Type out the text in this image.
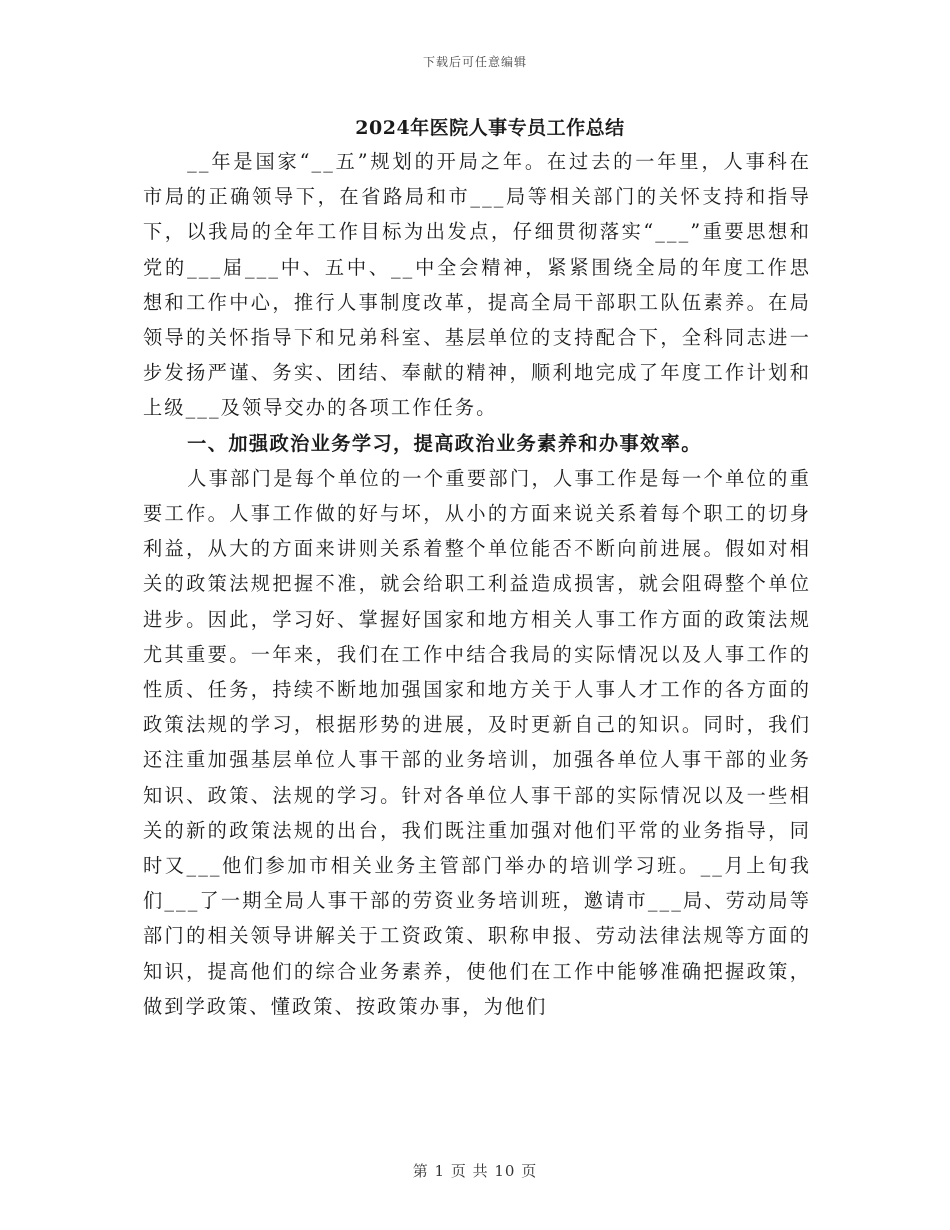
下载后可任意编辑
2024年医院人事专员工作总结

__年是国家“__五”规划的开局之年。在过去的一年里，人事科在市局的正确领导下，在省路局和市___局等相关部门的关怀支持和指导下，以我局的全年工作目标为出发点，仔细贯彻落实“___”重要思想和党的___届___中、五中、__中全会精神，紧紧围绕全局的年度工作思想和工作中心，推行人事制度改革，提高全局干部职工队伍素养。在局领导的关怀指导下和兄弟科室、基层单位的支持配合下，全科同志进一步发扬严谨、务实、团结、奉献的精神，顺利地完成了年度工作计划和上级___及领导交办的各项工作任务。

一、加强政治业务学习，提高政治业务素养和办事效率。

人事部门是每个单位的一个重要部门，人事工作是每一个单位的重要工作。人事工作做的好与坏，从小的方面来说关系着每个职工的切身利益，从大的方面来讲则关系着整个单位能否不断向前进展。假如对相关的政策法规把握不准，就会给职工利益造成损害，就会阻碍整个单位进步。因此，学习好、掌握好国家和地方相关人事工作方面的政策法规尤其重要。一年来，我们在工作中结合我局的实际情况以及人事工作的性质、任务，持续不断地加强国家和地方关于人事人才工作的各方面的政策法规的学习，根据形势的进展，及时更新自己的知识。同时，我们还注重加强基层单位人事干部的业务培训，加强各单位人事干部的业务知识、政策、法规的学习。针对各单位人事干部的实际情况以及一些相关的新的政策法规的出台，我们既注重加强对他们平常的业务指导，同时又___他们参加市相关业务主管部门举办的培训学习班。__月上旬我们___了一期全局人事干部的劳资业务培训班，邀请市___局、劳动局等部门的相关领导讲解关于工资政策、职称申报、劳动法律法规等方面的知识，提高他们的综合业务素养，使他们在工作中能够准确把握政策，做到学政策、懂政策、按政策办事，为他们

第 1 页 共 10 页
